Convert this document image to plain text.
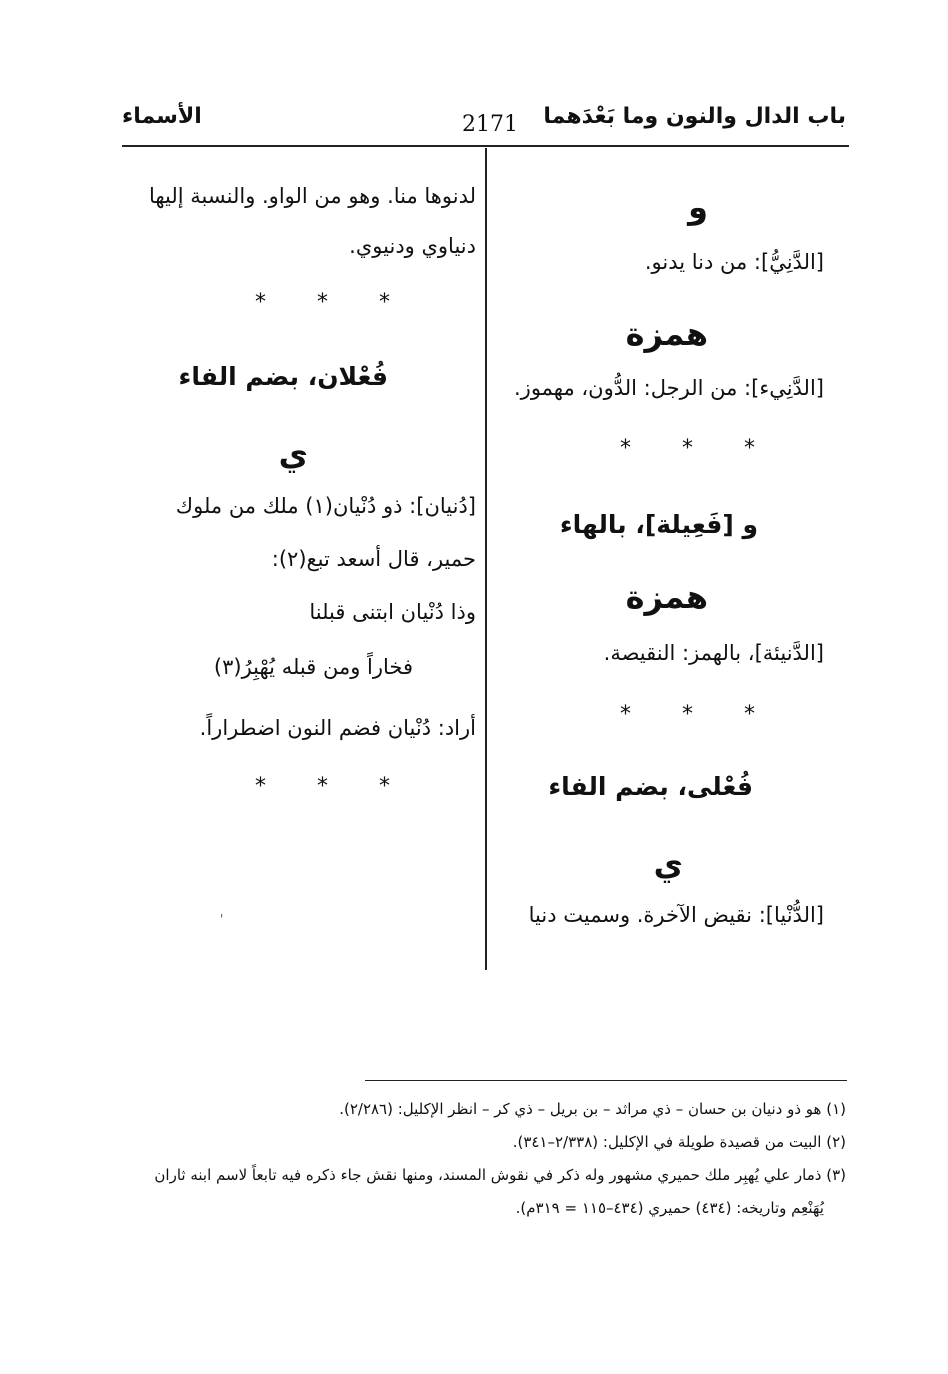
الأسماء	2171 باب الدال والنون وما بَعْدَهما
و
[الدَّنِيُّ]: من دنا يدنو.
همزة
[الدَّنِيء]: من الرجل: الدُّون، مهموز.
* * *
و [فَعِيلة]، بالهاء
همزة
[الدَّنيئة]، بالهمز: النقيصة.
* * *
فُعْلى، بضم الفاء
ي
[الدُّنْيا]: نقيض الآخرة. وسميت دنيا
لدنوها منا. وهو من الواو. والنسبة إليها
دنياوي ودنيوي.
* * *
فُعْلان، بضم الفاء
ي
[دُنيان]: ذو دُنْيان(١) ملك من ملوك
حمير، قال أسعد تبع(٢):
وذا دُنْيان ابتنى قبلنا
فخاراً ومن قبله يُهْبِرُ(٣)
أراد: دُنْيان فضم النون اضطراراً.
* * *
'
(١) هو ذو دنيان بن حسان – ذي مراثد – بن بريل – ذي كر – انظر الإكليل: (٢/٢٨٦).
(٢) البيت من قصيدة طويلة في الإكليل: (٢/٣٣٨–٣٤١).
(٣) ذمار علي يُهبِر ملك حميري مشهور وله ذكر في نقوش المسند، ومنها نقش جاء ذكره فيه تابعاً لاسم ابنه ثاران
يُهَنْعِم وتاريخه: (٤٣٤) حميري (٤٣٤–١١٥ = ٣١٩م).
